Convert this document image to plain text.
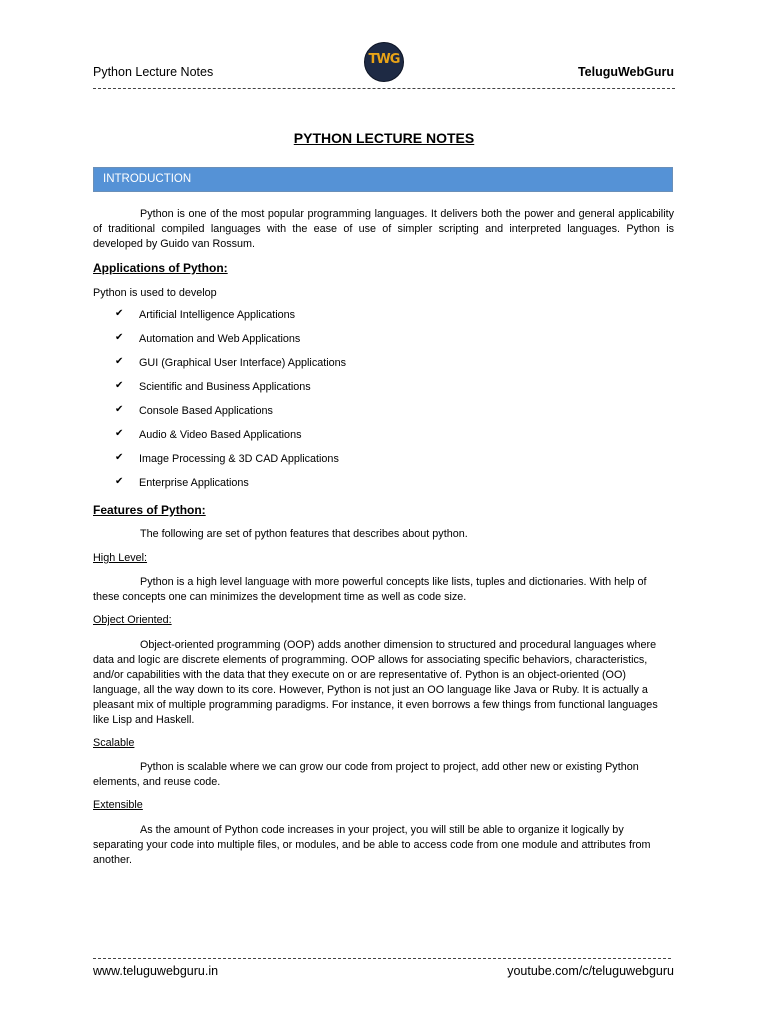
Python Lecture Notes
TWG
TeluguWebGuru
PYTHON LECTURE NOTES
INTRODUCTION
Python is one of the most popular programming languages. It delivers both the power and general applicability of traditional compiled languages with the ease of use of simpler scripting and interpreted languages. Python is developed by Guido van Rossum.
Applications of Python:
Python is used to develop
✔ Artificial Intelligence Applications
✔ Automation and Web Applications
✔ GUI (Graphical User Interface) Applications
✔ Scientific and Business Applications
✔ Console Based Applications
✔ Audio & Video Based Applications
✔ Image Processing & 3D CAD Applications
✔ Enterprise Applications
Features of Python:
The following are set of python features that describes about python.
High Level:
Python is a high level language with more powerful concepts like lists, tuples and dictionaries. With help of these concepts one can minimizes the development time as well as code size.
Object Oriented:
Object-oriented programming (OOP) adds another dimension to structured and procedural languages where data and logic are discrete elements of programming. OOP allows for associating specific behaviors, characteristics, and/or capabilities with the data that they execute on or are representative of. Python is an object-oriented (OO) language, all the way down to its core. However, Python is not just an OO language like Java or Ruby. It is actually a pleasant mix of multiple programming paradigms. For instance, it even borrows a few things from functional languages like Lisp and Haskell.
Scalable
Python is scalable where we can grow our code from project to project, add other new or existing Python elements, and reuse code.
Extensible
As the amount of Python code increases in your project, you will still be able to organize it logically by separating your code into multiple files, or modules, and be able to access code from one module and attributes from another.
www.teluguwebguru.in	youtube.com/c/teluguwebguru
